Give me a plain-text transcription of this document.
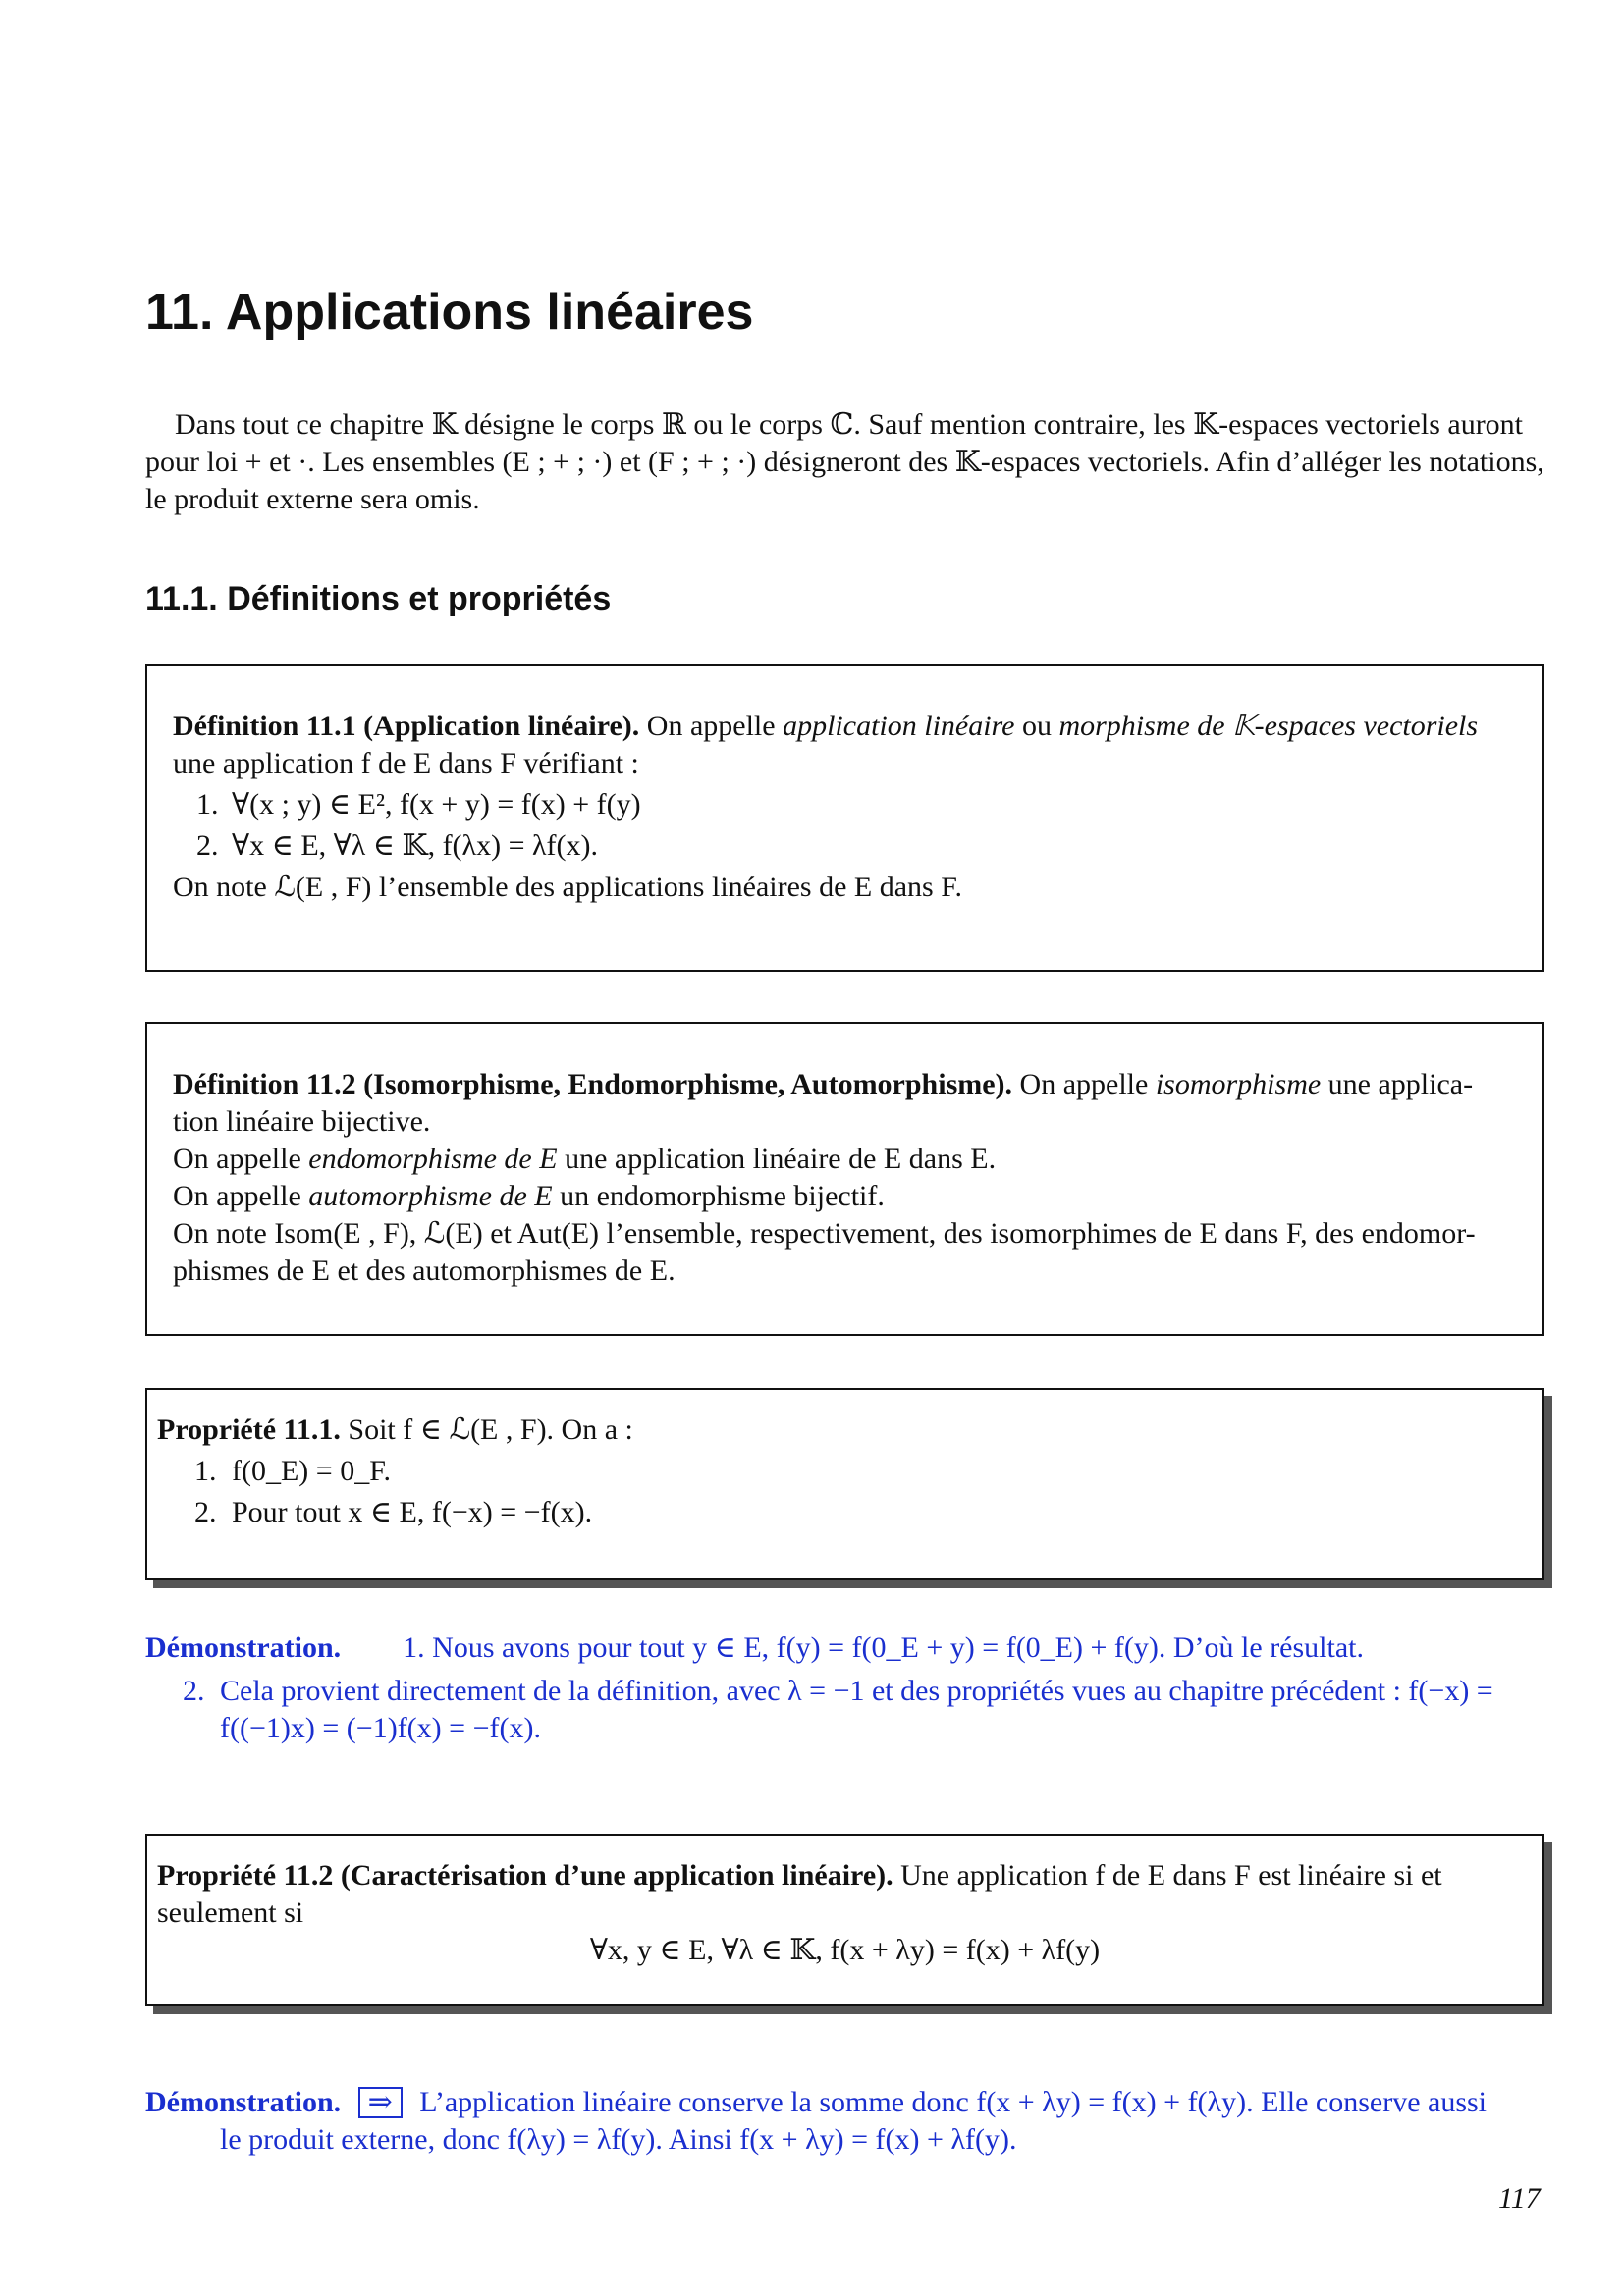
11. Applications linéaires
Dans tout ce chapitre 𝕂 désigne le corps ℝ ou le corps ℂ. Sauf mention contraire, les 𝕂-espaces vectoriels auront
pour loi + et ·. Les ensembles (E ; + ; ·) et (F ; + ; ·) désigneront des 𝕂-espaces vectoriels. Afin d’alléger les notations,
le produit externe sera omis.
11.1. Définitions et propriétés

Définition 11.1 (Application linéaire). On appelle application linéaire ou morphisme de 𝕂-espaces vectoriels

une application f de E dans F vérifiant :

1. ∀(x ; y) ∈ E², f(x + y) = f(x) + f(y)
2. ∀x ∈ E, ∀λ ∈ 𝕂, f(λx) = λf(x).

On note ℒ(E , F) l’ensemble des applications linéaires de E dans F.

Définition 11.2 (Isomorphisme, Endomorphisme, Automorphisme). On appelle isomorphisme une applica-

tion linéaire bijective.

On appelle endomorphisme de E une application linéaire de E dans E.

On appelle automorphisme de E un endomorphisme bijectif.

On note Isom(E , F), ℒ(E) et Aut(E) l’ensemble, respectivement, des isomorphimes de E dans F, des endomor-

phismes de E et des automorphismes de E.

Propriété 11.1. Soit f ∈ ℒ(E , F). On a :

1. f(0_E) = 0_F.
2. Pour tout x ∈ E, f(−x) = −f(x).
Démonstration. 1. Nous avons pour tout y ∈ E, f(y) = f(0_E + y) = f(0_E) + f(y). D’où le résultat.
2. Cela provient directement de la définition, avec λ = −1 et des propriétés vues au chapitre précédent : f(−x) =
f((−1)x) = (−1)f(x) = −f(x).

Propriété 11.2 (Caractérisation d’une application linéaire). Une application f de E dans F est linéaire si et

seulement si

∀x, y ∈ E, ∀λ ∈ 𝕂, f(x + λy) = f(x) + λf(y)

Démonstration. ⇒ L’application linéaire conserve la somme donc f(x + λy) = f(x) + f(λy). Elle conserve aussi
le produit externe, donc f(λy) = λf(y). Ainsi f(x + λy) = f(x) + λf(y).
117
